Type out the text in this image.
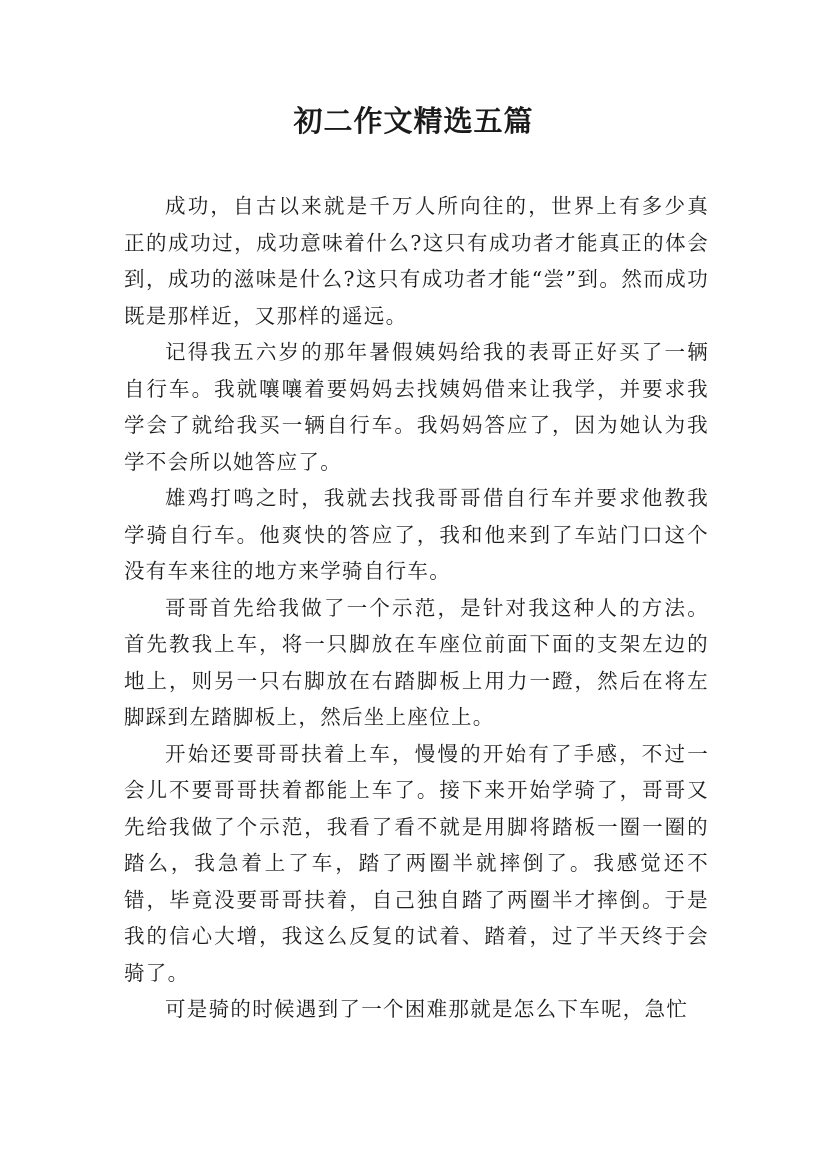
初二作文精选五篇

成功，自古以来就是千万人所向往的，世界上有多少真正的成功过，成功意味着什么?这只有成功者才能真正的体会到，成功的滋味是什么?这只有成功者才能“尝”到。然而成功既是那样近，又那样的遥远。

记得我五六岁的那年暑假姨妈给我的表哥正好买了一辆自行车。我就嚷嚷着要妈妈去找姨妈借来让我学，并要求我学会了就给我买一辆自行车。我妈妈答应了，因为她认为我学不会所以她答应了。

雄鸡打鸣之时，我就去找我哥哥借自行车并要求他教我学骑自行车。他爽快的答应了，我和他来到了车站门口这个没有车来往的地方来学骑自行车。

哥哥首先给我做了一个示范，是针对我这种人的方法。首先教我上车，将一只脚放在车座位前面下面的支架左边的地上，则另一只右脚放在右踏脚板上用力一蹬，然后在将左脚踩到左踏脚板上，然后坐上座位上。

开始还要哥哥扶着上车，慢慢的开始有了手感，不过一会儿不要哥哥扶着都能上车了。接下来开始学骑了，哥哥又先给我做了个示范，我看了看不就是用脚将踏板一圈一圈的踏么，我急着上了车，踏了两圈半就摔倒了。我感觉还不错，毕竟没要哥哥扶着，自己独自踏了两圈半才摔倒。于是我的信心大增，我这么反复的试着、踏着，过了半天终于会骑了。

可是骑的时候遇到了一个困难那就是怎么下车呢，急忙
